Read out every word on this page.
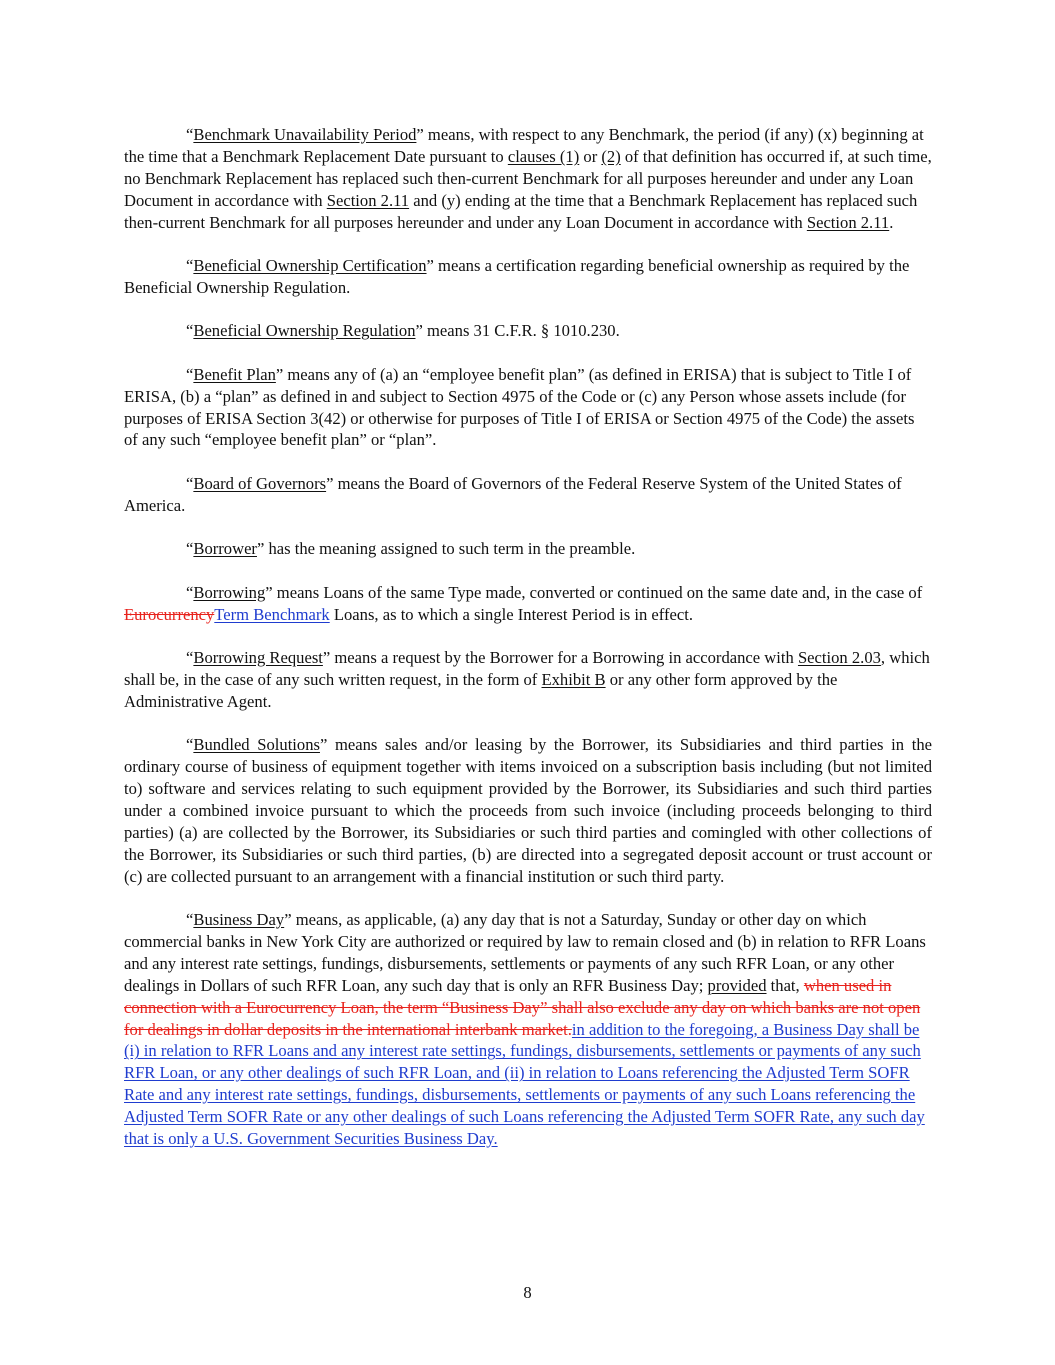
“Benchmark Unavailability Period” means, with respect to any Benchmark, the period (if any) (x) beginning at the time that a Benchmark Replacement Date pursuant to clauses (1) or (2) of that definition has occurred if, at such time, no Benchmark Replacement has replaced such then-current Benchmark for all purposes hereunder and under any Loan Document in accordance with Section 2.11 and (y) ending at the time that a Benchmark Replacement has replaced such then-current Benchmark for all purposes hereunder and under any Loan Document in accordance with Section 2.11.

“Beneficial Ownership Certification” means a certification regarding beneficial ownership as required by the Beneficial Ownership Regulation.

“Beneficial Ownership Regulation” means 31 C.F.R. § 1010.230.

“Benefit Plan” means any of (a) an “employee benefit plan” (as defined in ERISA) that is subject to Title I of ERISA, (b) a “plan” as defined in and subject to Section 4975 of the Code or (c) any Person whose assets include (for purposes of ERISA Section 3(42) or otherwise for purposes of Title I of ERISA or Section 4975 of the Code) the assets of any such “employee benefit plan” or “plan”.

“Board of Governors” means the Board of Governors of the Federal Reserve System of the United States of America.

“Borrower” has the meaning assigned to such term in the preamble.

“Borrowing” means Loans of the same Type made, converted or continued on the same date and, in the case of EurocurrencyTerm Benchmark Loans, as to which a single Interest Period is in effect.

“Borrowing Request” means a request by the Borrower for a Borrowing in accordance with Section 2.03, which shall be, in the case of any such written request, in the form of Exhibit B or any other form approved by the Administrative Agent.

“Bundled Solutions” means sales and/or leasing by the Borrower, its Subsidiaries and third parties in the ordinary course of business of equipment together with items invoiced on a subscription basis including (but not limited to) software and services relating to such equipment provided by the Borrower, its Subsidiaries and such third parties under a combined invoice pursuant to which the proceeds from such invoice (including proceeds belonging to third parties) (a) are collected by the Borrower, its Subsidiaries or such third parties and comingled with other collections of the Borrower, its Subsidiaries or such third parties, (b) are directed into a segregated deposit account or trust account or (c) are collected pursuant to an arrangement with a financial institution or such third party.

“Business Day” means, as applicable, (a) any day that is not a Saturday, Sunday or other day on which commercial banks in New York City are authorized or required by law to remain closed and (b) in relation to RFR Loans and any interest rate settings, fundings, disbursements, settlements or payments of any such RFR Loan, or any other dealings in Dollars of such RFR Loan, any such day that is only an RFR Business Day; provided that, when used in connection with a Eurocurrency Loan, the term “Business Day” shall also exclude any day on which banks are not open for dealings in dollar deposits in the international interbank market.in addition to the foregoing, a Business Day shall be (i) in relation to RFR Loans and any interest rate settings, fundings, disbursements, settlements or payments of any such RFR Loan, or any other dealings of such RFR Loan, and (ii) in relation to Loans referencing the Adjusted Term SOFR Rate and any interest rate settings, fundings, disbursements, settlements or payments of any such Loans referencing the Adjusted Term SOFR Rate or any other dealings of such Loans referencing the Adjusted Term SOFR Rate, any such day that is only a U.S. Government Securities Business Day.

8
